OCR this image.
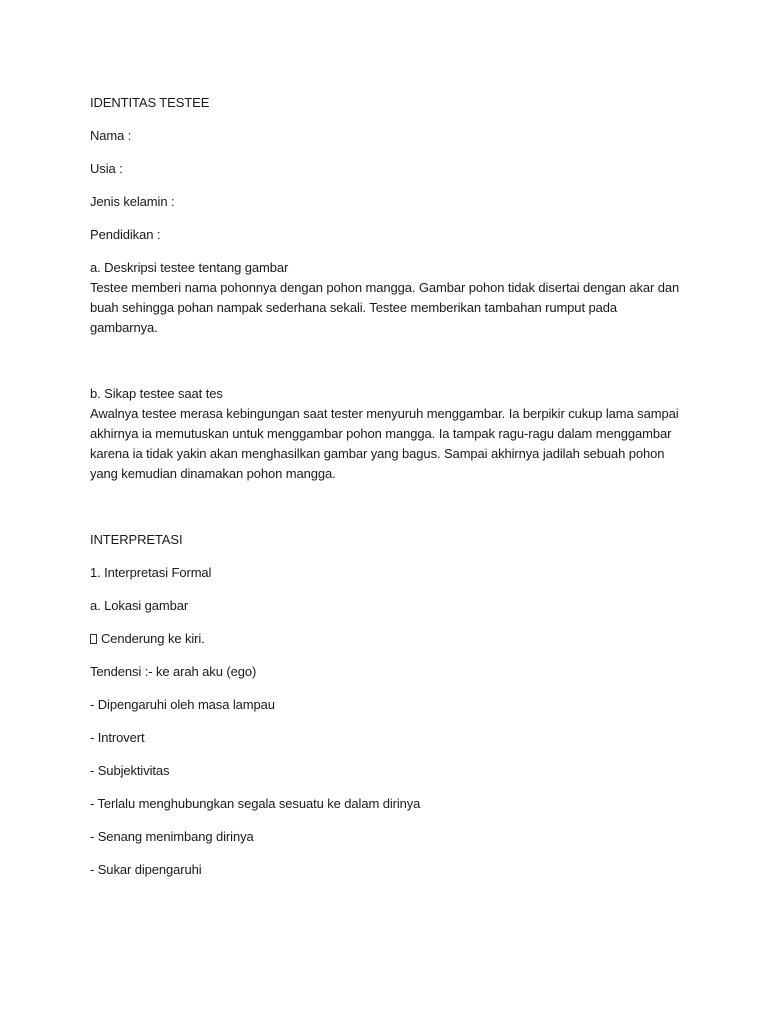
IDENTITAS TESTEE

Nama :

Usia :

Jenis kelamin :

Pendidikan :

a. Deskripsi testee tentang gambar

Testee memberi nama pohonnya dengan pohon mangga. Gambar pohon tidak disertai dengan akar dan
buah sehingga pohan nampak sederhana sekali. Testee memberikan tambahan rumput pada
gambarnya.

b. Sikap testee saat tes

Awalnya testee merasa kebingungan saat tester menyuruh menggambar. Ia berpikir cukup lama sampai
akhirnya ia memutuskan untuk menggambar pohon mangga. Ia tampak ragu-ragu dalam menggambar
karena ia tidak yakin akan menghasilkan gambar yang bagus. Sampai akhirnya jadilah sebuah pohon
yang kemudian dinamakan pohon mangga.

INTERPRETASI

1. Interpretasi Formal

a. Lokasi gambar

Cenderung ke kiri.

Tendensi :- ke arah aku (ego)

- Dipengaruhi oleh masa lampau

- Introvert

- Subjektivitas

- Terlalu menghubungkan segala sesuatu ke dalam dirinya

- Senang menimbang dirinya

- Sukar dipengaruhi
